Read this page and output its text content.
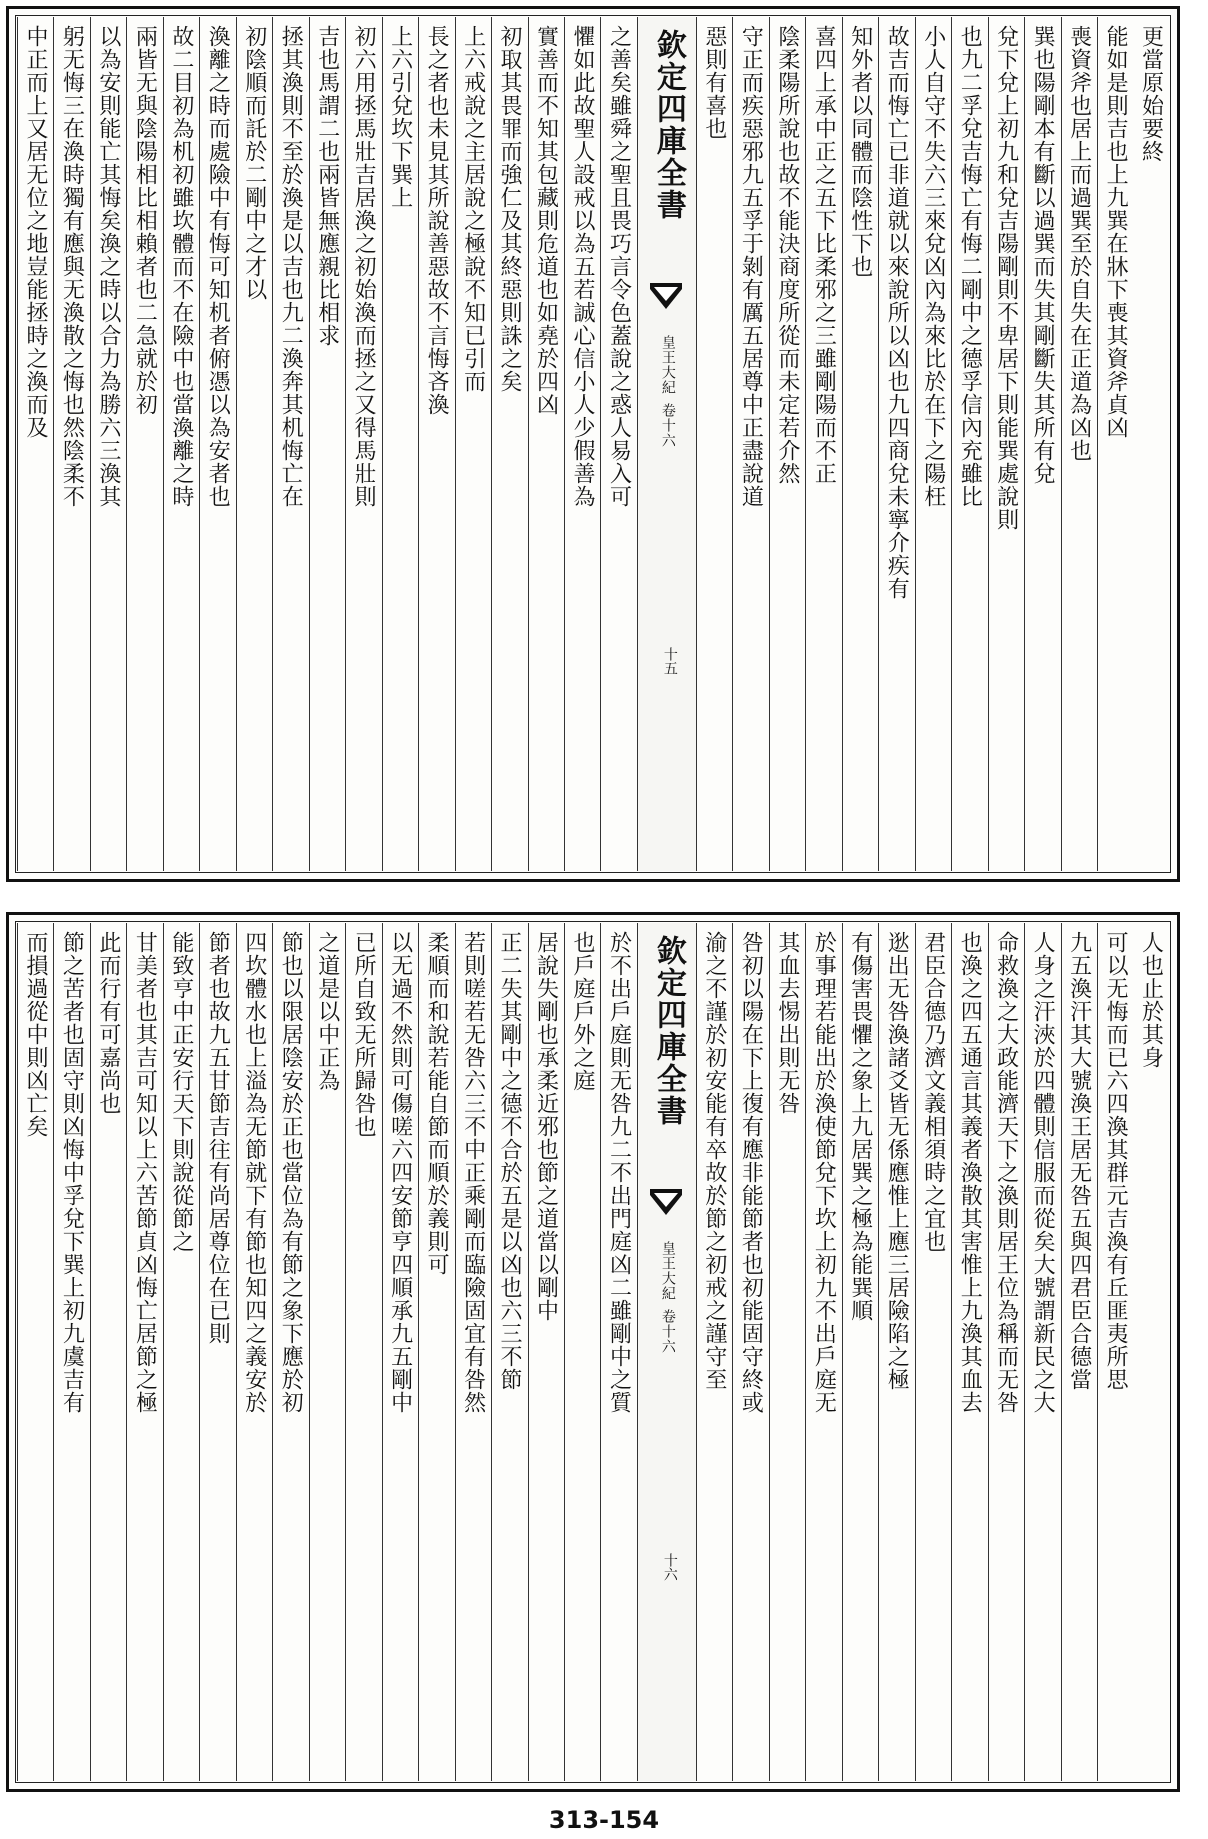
更當原始要終
能如是則吉也上九巽在牀下喪其資斧貞凶
喪資斧也居上而過巽至於自失在正道為凶也
巽也陽剛本有斷以過巽而失其剛斷失其所有兌
兌下兌上初九和兌吉陽剛則不卑居下則能巽處說則
也九二孚兌吉悔亡有悔二剛中之德孚信內充雖比
小人自守不失六三來兌凶內為來比於在下之陽枉
故吉而悔亡已非道就以來說所以凶也九四商兌未寧介疾有
知外者以同體而陰性下也
喜四上承中正之五下比柔邪之三雖剛陽而不正
陰柔陽所說也故不能決商度所從而未定若介然
守正而疾惡邪九五孚于剝有厲五居尊中正盡說道
惡則有喜也
欽定四庫全書
皇王大紀卷十六
十五
之善矣雖舜之聖且畏巧言令色蓋說之惑人易入可
懼如此故聖人設戒以為五若誠心信小人少假善為
實善而不知其包藏則危道也如堯於四凶
初取其畏罪而強仁及其終惡則誅之矣
上六戒說之主居說之極說不知已引而
長之者也未見其所說善惡故不言悔吝渙
上六引兌坎下巽上
初六用拯馬壯吉居渙之初始渙而拯之又得馬壯則
吉也馬謂二也兩皆無應親比相求
拯其渙則不至於渙是以吉也九二渙奔其机悔亡在
初陰順而託於二剛中之才以
渙離之時而處險中有悔可知机者俯憑以為安者也
故二目初為机初雖坎體而不在險中也當渙離之時
兩皆无與陰陽相比相賴者也二急就於初
以為安則能亡其悔矣渙之時以合力為勝六三渙其
躬无悔三在渙時獨有應與无渙散之悔也然陰柔不
中正而上又居无位之地豈能拯時之渙而及
人也止於其身
可以无悔而已六四渙其群元吉渙有丘匪夷所思
九五渙汗其大號渙王居无咎五與四君臣合德當
人身之汗浹於四體則信服而從矣大號謂新民之大
命救渙之大政能濟天下之渙則居王位為稱而无咎
也渙之四五通言其義者渙散其害惟上九渙其血去
君臣合德乃濟文義相須時之宜也
逖出无咎渙諸爻皆无係應惟上應三居險陷之極
有傷害畏懼之象上九居巽之極為能巽順
於事理若能出於渙使節兌下坎上初九不出戶庭无
其血去惕出則无咎
咎初以陽在下上復有應非能節者也初能固守終或
渝之不謹於初安能有卒故於節之初戒之謹守至
欽定四庫全書
皇王大紀卷十六
十六
於不出戶庭則无咎九二不出門庭凶二雖剛中之質
也戶庭戶外之庭
居說失剛也承柔近邪也節之道當以剛中
正二失其剛中之德不合於五是以凶也六三不節
若則嗟若无咎六三不中正乘剛而臨險固宜有咎然
柔順而和說若能自節而順於義則可
以无過不然則可傷嗟六四安節亨四順承九五剛中
已所自致无所歸咎也
之道是以中正為
節也以限居陰安於正也當位為有節之象下應於初
四坎體水也上溢為无節就下有節也知四之義安於
節者也故九五甘節吉往有尚居尊位在已則
能致亨中正安行天下則說從節之
甘美者也其吉可知以上六苦節貞凶悔亡居節之極
此而行有可嘉尚也
節之苦者也固守則凶悔中孚兌下巽上初九虞吉有
而損過從中則凶亡矣
313-154
